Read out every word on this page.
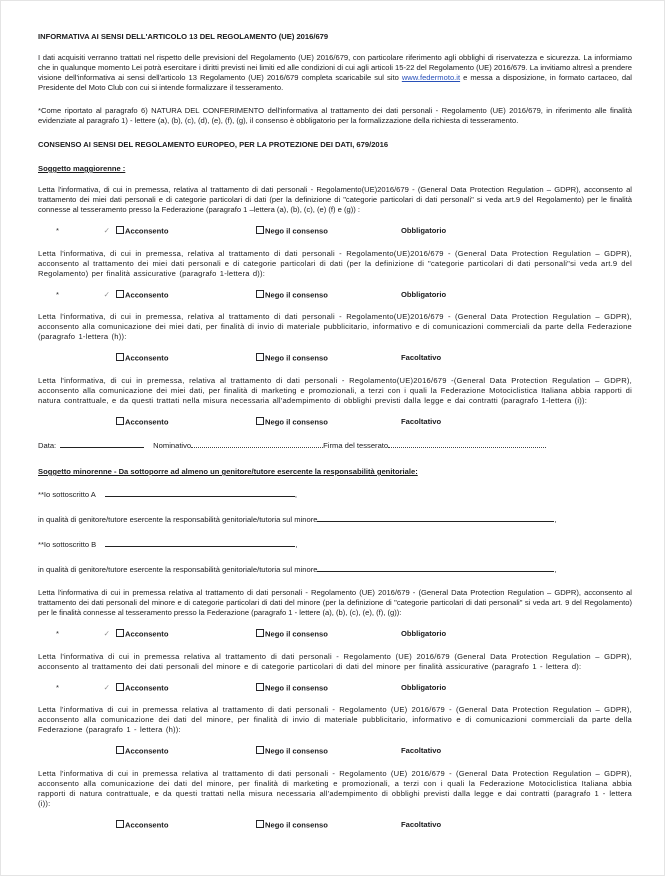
INFORMATIVA AI SENSI DELL'ARTICOLO 13 DEL REGOLAMENTO (UE) 2016/679

I dati acquisiti verranno trattati nel rispetto delle previsioni del Regolamento (UE) 2016/679, con particolare riferimento agli obblighi di riservatezza e sicurezza. La informiamo che in qualunque momento Lei potrà esercitare i diritti previsti nei limiti ed alle condizioni di cui agli articoli 15-22 del Regolamento (UE) 2016/679. La invitiamo altresì a prendere visione dell'informativa ai sensi dell'articolo 13 Regolamento (UE) 2016/679 completa scaricabile sul sito www.federmoto.it e messa a disposizione, in formato cartaceo, dal Presidente del Moto Club con cui si intende formalizzare il tesseramento.

*Come riportato al paragrafo 6) NATURA DEL CONFERIMENTO dell'informativa al trattamento dei dati personali - Regolamento (UE) 2016/679, in riferimento alle finalità evidenziate al paragrafo 1) - lettere (a), (b), (c), (d), (e), (f), (g), il consenso è obbligatorio per la formalizzazione della richiesta di tesseramento.

CONSENSO AI SENSI DEL REGOLAMENTO EUROPEO, PER LA PROTEZIONE DEI DATI, 679/2016
Soggetto maggiorenne :

Letta l'informativa, di cui in premessa, relativa al trattamento di dati personali - Regolamento(UE)2016/679 - (General Data Protection Regulation – GDPR), acconsento al trattamento dei miei dati personali e di categorie particolari di dati (per la definizione di "categorie particolari di dati personali" si veda art.9 del Regolamento) per le finalità connesse al tesseramento presso la Federazione (paragrafo 1 –lettera (a), (b), (c), (e) (f) e (g)) :

*	✓	Acconsento	Nego il consenso	Obbligatorio

Letta l'informativa, di cui in premessa, relativa al trattamento di dati personali - Regolamento(UE)2016/679 - (General Data Protection Regulation – GDPR), acconsento al trattamento dei miei dati personali e di categorie particolari di dati (per la definizione di "categorie particolari di dati personali"si veda art.9 del Regolamento) per finalità assicurative (paragrafo 1-lettera d)):

*	✓	Acconsento	Nego il consenso	Obbligatorio

Letta l'informativa, di cui in premessa, relativa al trattamento di dati personali - Regolamento(UE)2016/679 - (General Data Protection Regulation – GDPR), acconsento alla comunicazione dei miei dati, per finalità di invio di materiale pubblicitario, informativo e di comunicazioni commerciali da parte della Federazione (paragrafo 1-lettera (h)):

Acconsento	Nego il consenso	Facoltativo

Letta l'informativa, di cui in premessa, relativa al trattamento di dati personali - Regolamento(UE)2016/679 -(General Data Protection Regulation – GDPR), acconsento alla comunicazione dei miei dati, per finalità di marketing e promozionali, a terzi con i quali la Federazione Motociclistica Italiana abbia rapporti di natura contrattuale, e da questi trattati nella misura necessaria all'adempimento di obblighi previsti dalla legge e dai contratti (paragrafo 1-lettera (i)):

Acconsento	Nego il consenso	Facoltativo
Data:	Nominativo	Firma del tesserato
Soggetto minorenne - Da sottoporre ad almeno un genitore/tutore esercente la responsabilità genitoriale:

**Io sottoscritto A	,

in qualità di genitore/tutore esercente la responsabilità genitoriale/tutoria sul minore	,

**Io sottoscritto B	,

in qualità di genitore/tutore esercente la responsabilità genitoriale/tutoria sul minore	,

Letta l'informativa di cui in premessa relativa al trattamento di dati personali - Regolamento (UE) 2016/679 - (General Data Protection Regulation – GDPR), acconsento al trattamento dei dati personali del minore e di categorie particolari di dati del minore (per la definizione di "categorie particolari di dati personali" si veda art. 9 del Regolamento) per le finalità connesse al tesseramento presso la Federazione (paragrafo 1 - lettere (a), (b), (c), (e), (f), (g)):

*	✓	Acconsento	Nego il consenso	Obbligatorio

Letta l'informativa di cui in premessa relativa al trattamento di dati personali - Regolamento (UE) 2016/679 (General Data Protection Regulation – GDPR), acconsento al trattamento dei dati personali del minore e di categorie particolari di dati del minore per finalità assicurative (paragrafo 1 - lettera d):

*	✓	Acconsento	Nego il consenso	Obbligatorio

Letta l'informativa di cui in premessa relativa al trattamento di dati personali - Regolamento (UE) 2016/679 - (General Data Protection Regulation – GDPR), acconsento alla comunicazione dei dati del minore, per finalità di invio di materiale pubblicitario, informativo e di comunicazioni commerciali da parte della Federazione (paragrafo 1 - lettera (h)):

Acconsento	Nego il consenso	Facoltativo

Letta l'informativa di cui in premessa relativa al trattamento di dati personali - Regolamento (UE) 2016/679 - (General Data Protection Regulation – GDPR), acconsento alla comunicazione dei dati del minore, per finalità di marketing e promozionali, a terzi con i quali la Federazione Motociclistica Italiana abbia rapporti di natura contrattuale, e da questi trattati nella misura necessaria all'adempimento di obblighi previsti dalla legge e dai contratti (paragrafo 1 - lettera (i)):

Acconsento	Nego il consenso	Facoltativo
